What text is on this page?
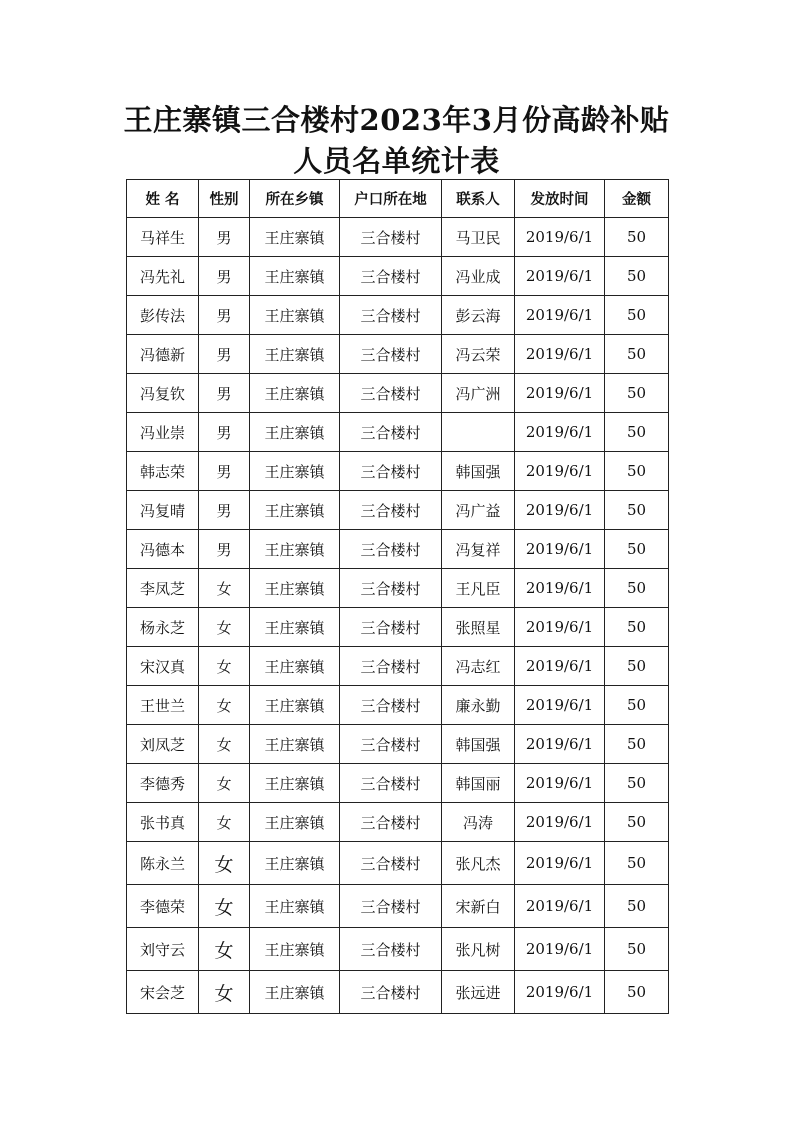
王庄寨镇三合楼村2023年3月份高龄补贴
人员名单统计表
姓 名	性别	所在乡镇	户口所在地	联系人	发放时间	金额
马祥生	男	王庄寨镇	三合楼村	马卫民	2019/6/1	50
冯先礼	男	王庄寨镇	三合楼村	冯业成	2019/6/1	50
彭传法	男	王庄寨镇	三合楼村	彭云海	2019/6/1	50
冯德新	男	王庄寨镇	三合楼村	冯云荣	2019/6/1	50
冯复钦	男	王庄寨镇	三合楼村	冯广洲	2019/6/1	50
冯业崇	男	王庄寨镇	三合楼村		2019/6/1	50
韩志荣	男	王庄寨镇	三合楼村	韩国强	2019/6/1	50
冯复晴	男	王庄寨镇	三合楼村	冯广益	2019/6/1	50
冯德本	男	王庄寨镇	三合楼村	冯复祥	2019/6/1	50
李凤芝	女	王庄寨镇	三合楼村	王凡臣	2019/6/1	50
杨永芝	女	王庄寨镇	三合楼村	张照星	2019/6/1	50
宋汉真	女	王庄寨镇	三合楼村	冯志红	2019/6/1	50
王世兰	女	王庄寨镇	三合楼村	廉永勤	2019/6/1	50
刘凤芝	女	王庄寨镇	三合楼村	韩国强	2019/6/1	50
李德秀	女	王庄寨镇	三合楼村	韩国丽	2019/6/1	50
张书真	女	王庄寨镇	三合楼村	冯涛	2019/6/1	50
陈永兰	女	王庄寨镇	三合楼村	张凡杰	2019/6/1	50
李德荣	女	王庄寨镇	三合楼村	宋新白	2019/6/1	50
刘守云	女	王庄寨镇	三合楼村	张凡树	2019/6/1	50
宋会芝	女	王庄寨镇	三合楼村	张远进	2019/6/1	50
